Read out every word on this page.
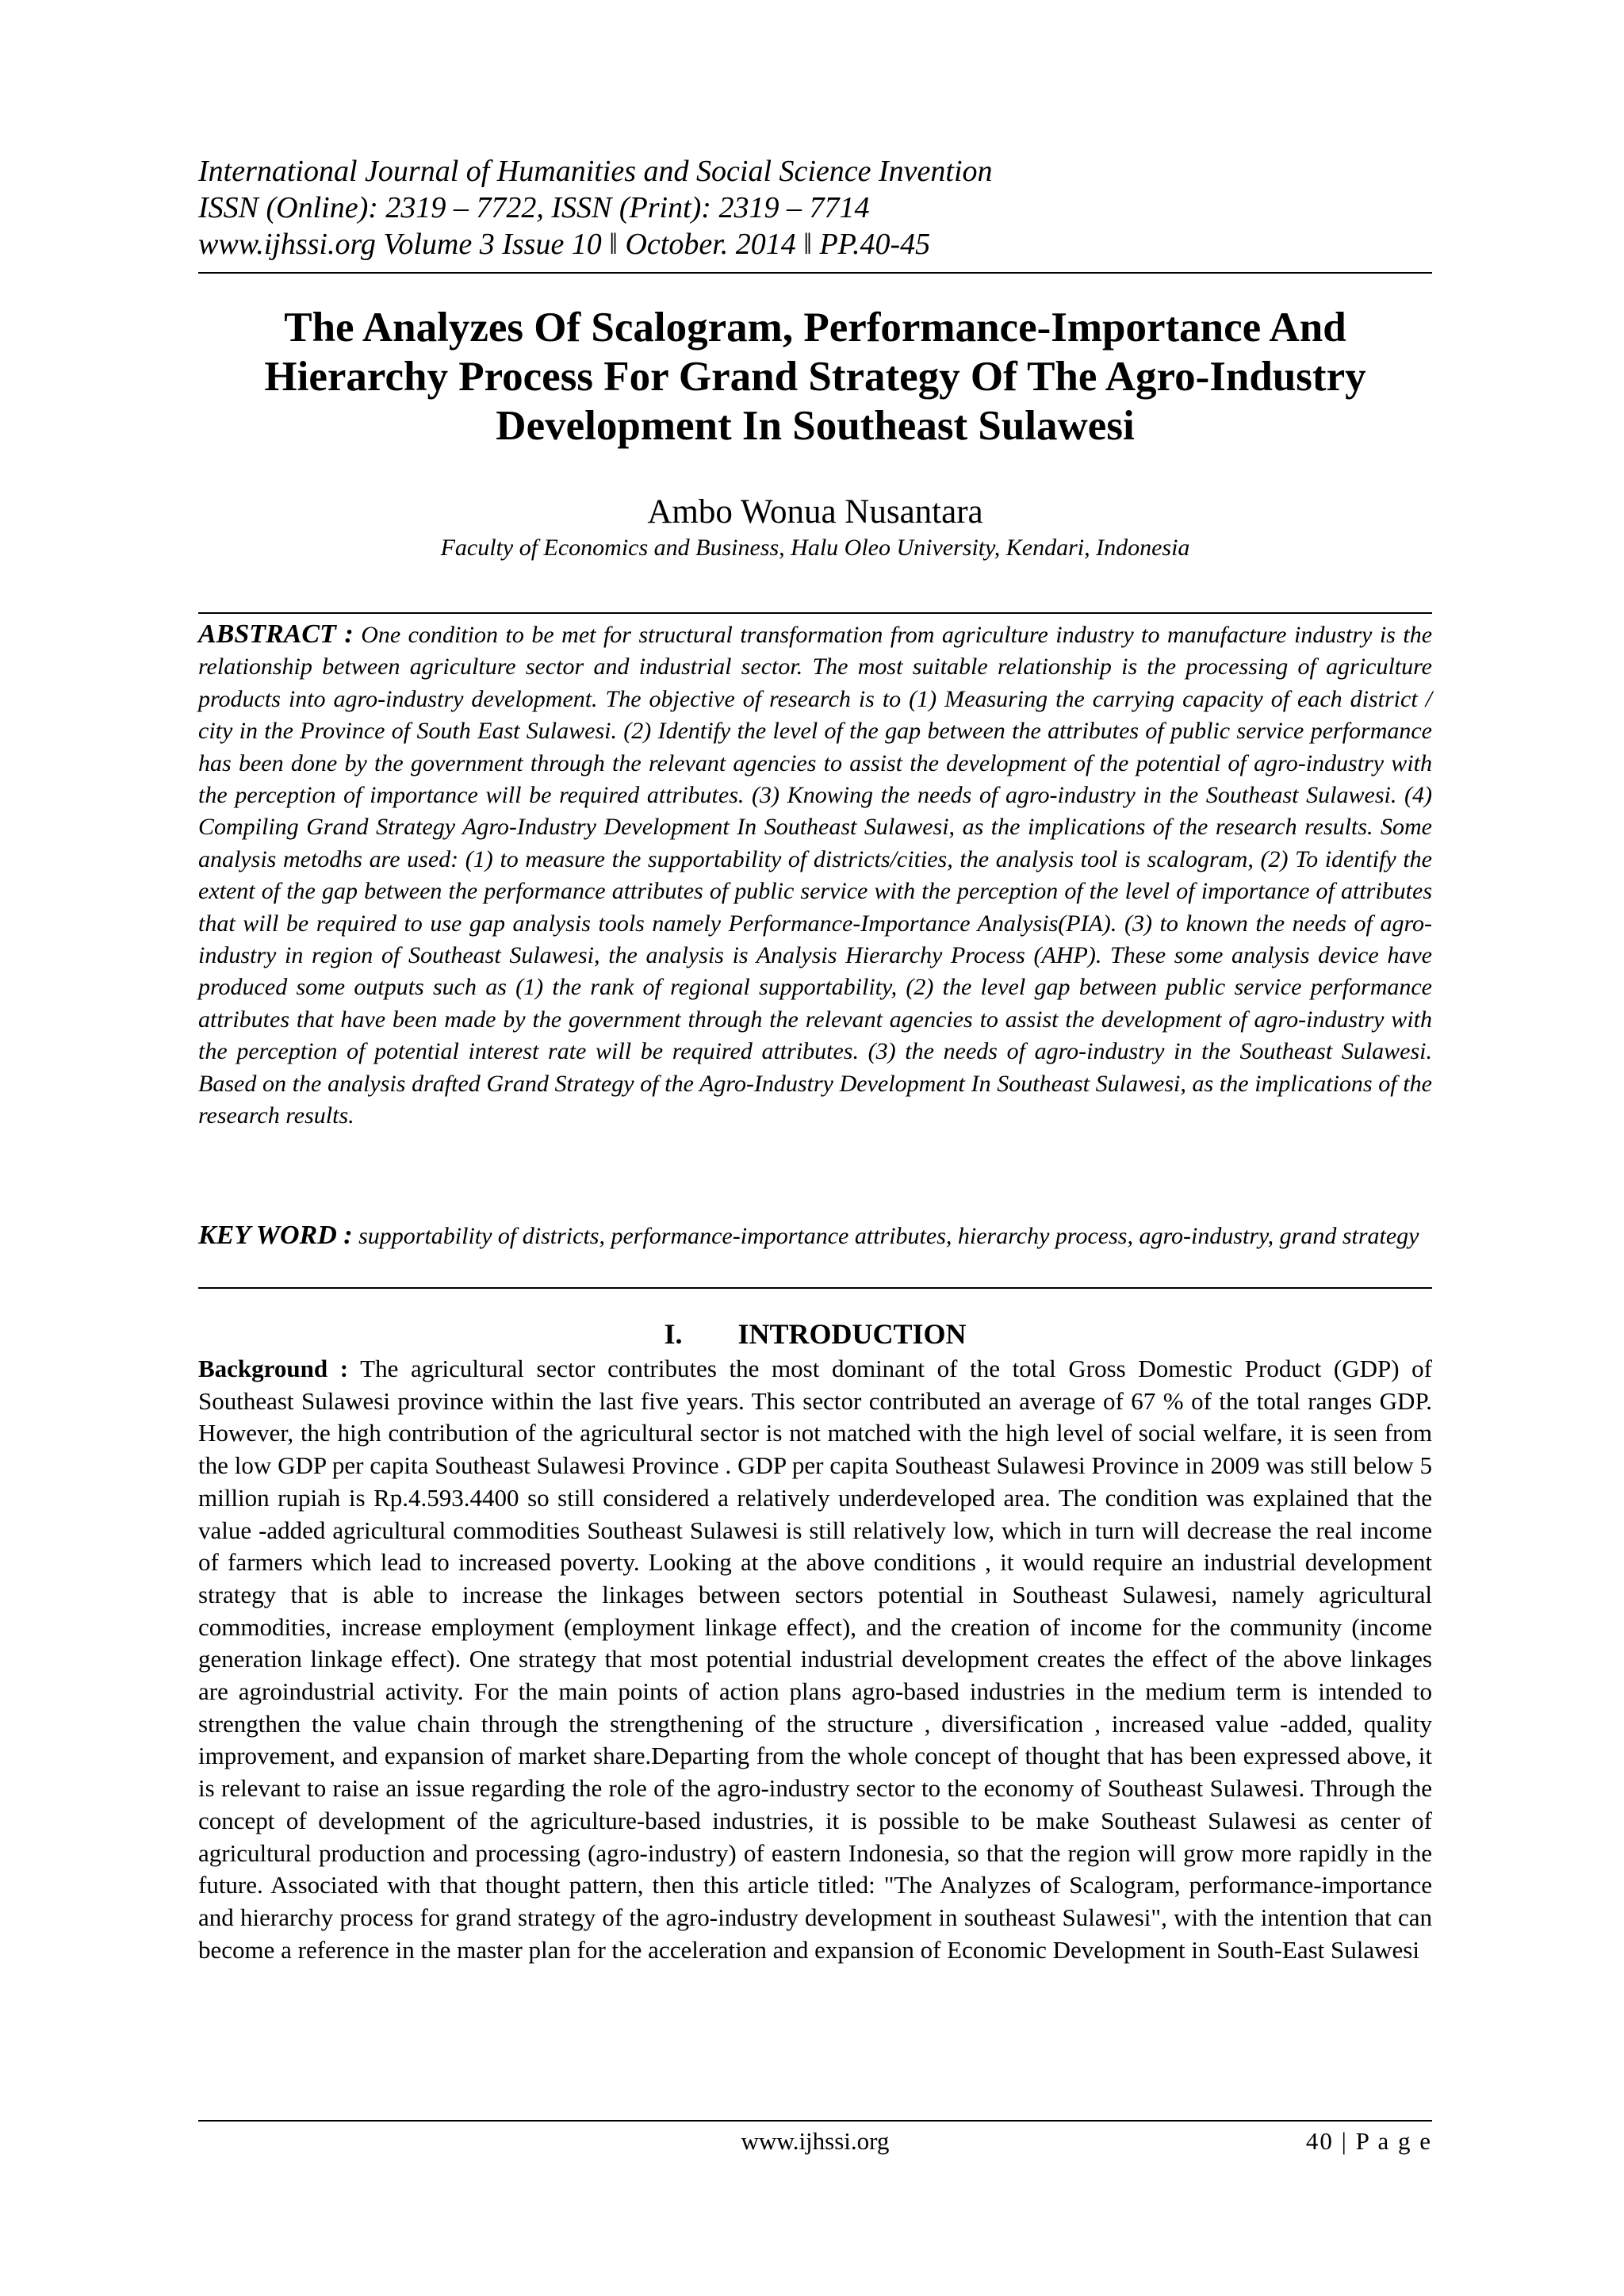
International Journal of Humanities and Social Science Invention
ISSN (Online): 2319 – 7722, ISSN (Print): 2319 – 7714
www.ijhssi.org Volume 3 Issue 10 ǁ October. 2014 ǁ PP.40-45
The Analyzes Of Scalogram, Performance-Importance And
Hierarchy Process For Grand Strategy Of The Agro-Industry
Development In Southeast Sulawesi
Ambo Wonua Nusantara
Faculty of Economics and Business, Halu Oleo University, Kendari, Indonesia
ABSTRACT : One condition to be met for structural transformation from agriculture industry to manufacture industry is the relationship between agriculture sector and industrial sector. The most suitable relationship is the processing of agriculture products into agro-industry development. The objective of research is to (1) Measuring the carrying capacity of each district / city in the Province of South East Sulawesi. (2) Identify the level of the gap between the attributes of public service performance has been done by the government through the relevant agencies to assist the development of the potential of agro-industry with the perception of importance will be required attributes. (3) Knowing the needs of agro-industry in the Southeast Sulawesi. (4) Compiling Grand Strategy Agro-Industry Development In Southeast Sulawesi, as the implications of the research results. Some analysis metodhs are used: (1) to measure the supportability of districts/cities, the analysis tool is scalogram, (2) To identify the extent of the gap between the performance attributes of public service with the perception of the level of importance of attributes that will be required to use gap analysis tools namely Performance-Importance Analysis(PIA). (3) to known the needs of agro-industry in region of Southeast Sulawesi, the analysis is Analysis Hierarchy Process (AHP). These some analysis device have produced some outputs such as (1) the rank of regional supportability, (2) the level gap between public service performance attributes that have been made by the government through the relevant agencies to assist the development of agro-industry with the perception of potential interest rate will be required attributes. (3) the needs of agro-industry in the Southeast Sulawesi. Based on the analysis drafted Grand Strategy of the Agro-Industry Development In Southeast Sulawesi, as the implications of the research results.
KEY WORD : supportability of districts, performance-importance attributes, hierarchy process, agro-industry, grand strategy
I. INTRODUCTION
Background : The agricultural sector contributes the most dominant of the total Gross Domestic Product (GDP) of Southeast Sulawesi province within the last five years. This sector contributed an average of 67 % of the total ranges GDP. However, the high contribution of the agricultural sector is not matched with the high level of social welfare, it is seen from the low GDP per capita Southeast Sulawesi Province . GDP per capita Southeast Sulawesi Province in 2009 was still below 5 million rupiah is Rp.4.593.4400 so still considered a relatively underdeveloped area. The condition was explained that the value -added agricultural commodities Southeast Sulawesi is still relatively low, which in turn will decrease the real income of farmers which lead to increased poverty. Looking at the above conditions , it would require an industrial development strategy that is able to increase the linkages between sectors potential in Southeast Sulawesi, namely agricultural commodities, increase employment (employment linkage effect), and the creation of income for the community (income generation linkage effect). One strategy that most potential industrial development creates the effect of the above linkages are agroindustrial activity. For the main points of action plans agro-based industries in the medium term is intended to strengthen the value chain through the strengthening of the structure , diversification , increased value -added, quality improvement, and expansion of market share.Departing from the whole concept of thought that has been expressed above, it is relevant to raise an issue regarding the role of the agro-industry sector to the economy of Southeast Sulawesi. Through the concept of development of the agriculture-based industries, it is possible to be make Southeast Sulawesi as center of agricultural production and processing (agro-industry) of eastern Indonesia, so that the region will grow more rapidly in the future. Associated with that thought pattern, then this article titled: "The Analyzes of Scalogram, performance-importance and hierarchy process for grand strategy of the agro-industry development in southeast Sulawesi", with the intention that can become a reference in the master plan for the acceleration and expansion of Economic Development in South-East Sulawesi
www.ijhssi.org	40 | P a g e
